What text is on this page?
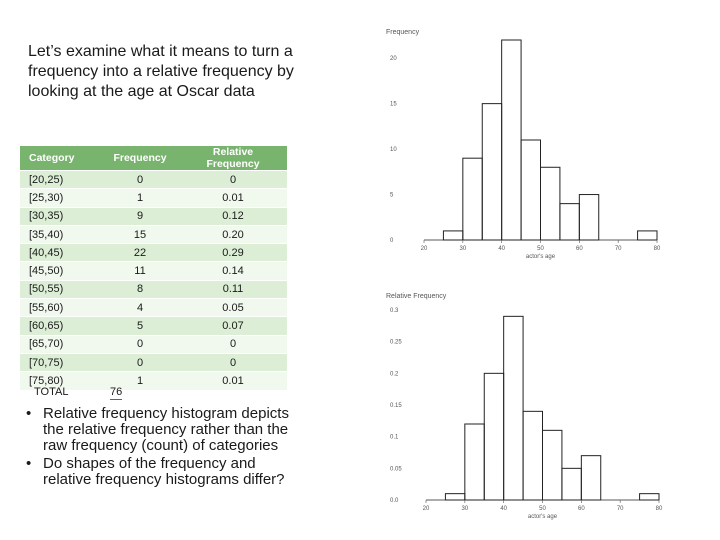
Let’s examine what it means to turn a frequency into a relative frequency by looking at the age at Oscar data
Category	Frequency	Relative Frequency
[20,25)	0	0
[25,30)	1	0.01
[30,35)	9	0.12
[35,40)	15	0.20
[40,45)	22	0.29
[45,50)	11	0.14
[50,55)	8	0.11
[55,60)	4	0.05
[60,65)	5	0.07
[65,70)	0	0
[70,75)	0	0
[75,80)	1	0.01
TOTAL	76
• Relative frequency histogram depicts the relative frequency rather than the raw frequency (count) of categories
• Do shapes of the frequency and relative frequency histograms differ?
Frequency
0
5
10
15
20
20	30	40	50	60	70	80
actor's age
Relative Frequency
0.0
0.05
0.1
0.15
0.2
0.25
0.3
20	30	40	50	60	70	80
actor's age
